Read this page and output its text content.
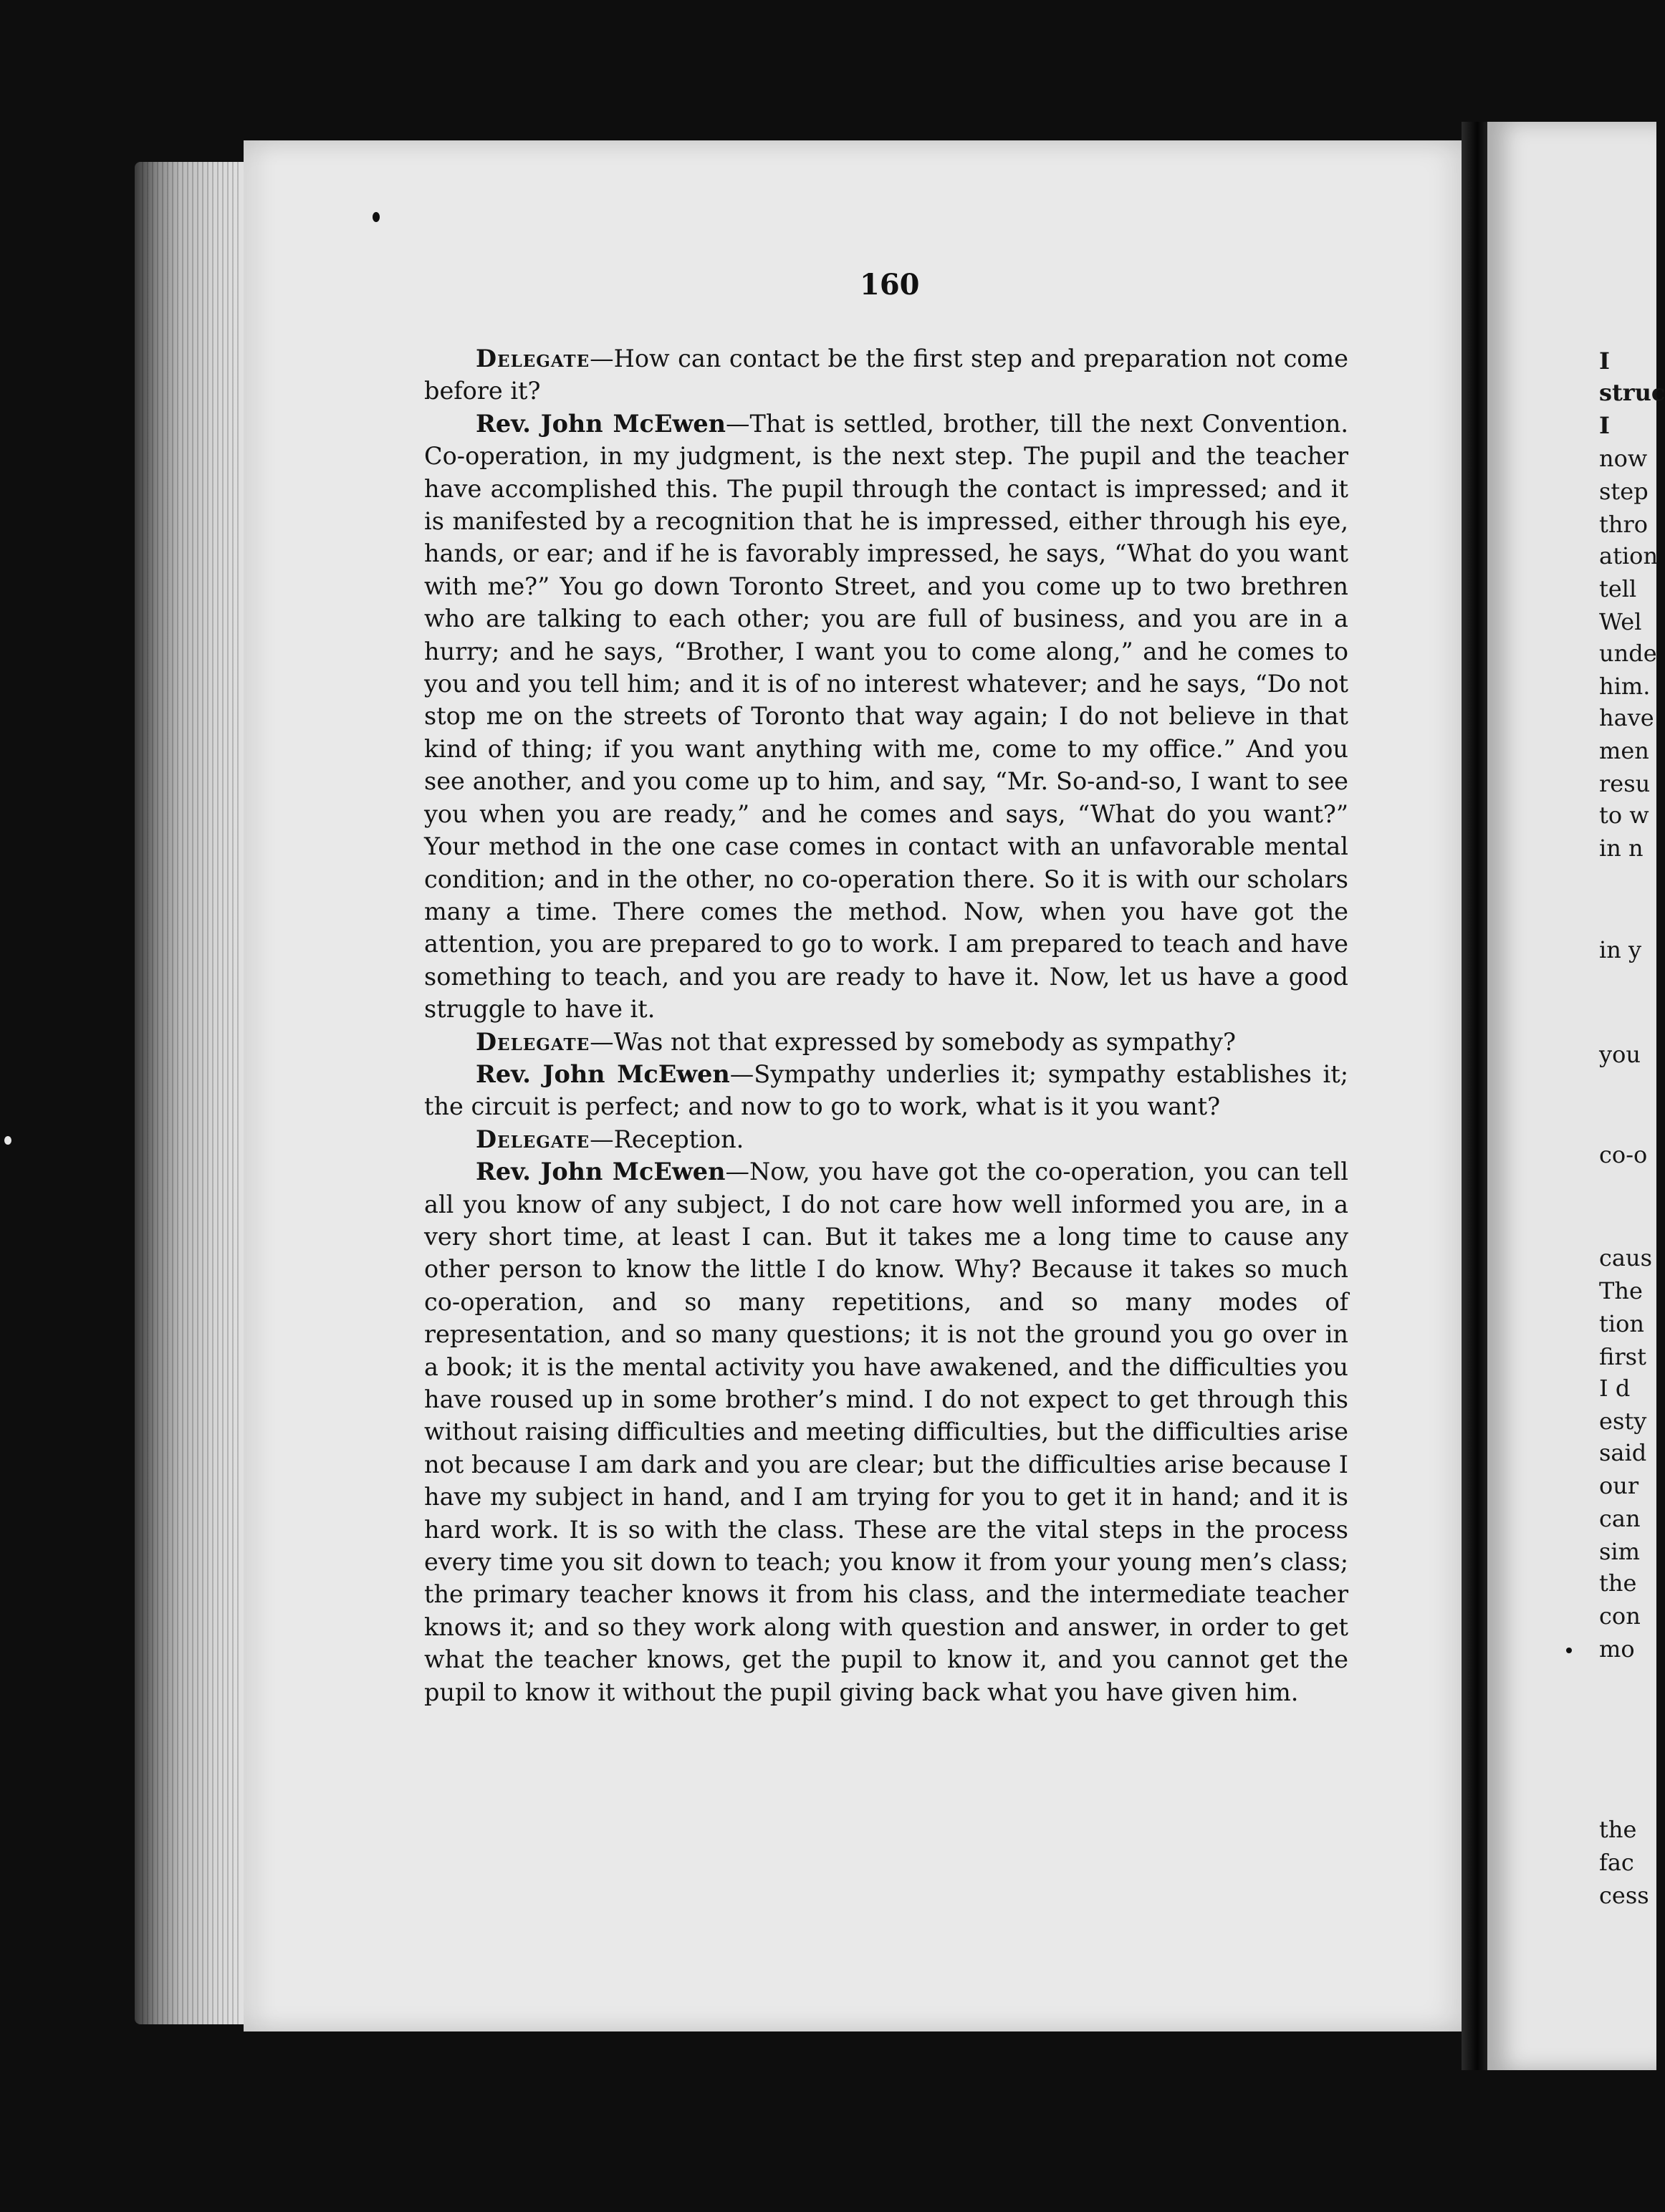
I
struc
I
now
step
thro
ation
tell
Wel
unde
him.
have
men
resu
to w
in n
in y
you
co-o
caus
The
tion
first
I d
esty
said
our
can
sim
the
con
mo
the
fac
cess
160

Delegate—How can contact be the first step and preparation not come before it?

Rev. John McEwen—That is settled, brother, till the next Convention. Co-operation, in my judgment, is the next step. The pupil and the teacher have accomplished this. The pupil through the contact is impressed; and it is manifested by a recognition that he is impressed, either through his eye, hands, or ear; and if he is favorably impressed, he says, “What do you want with me?” You go down Toronto Street, and you come up to two brethren who are talking to each other; you are full of business, and you are in a hurry; and he says, “Brother, I want you to come along,” and he comes to you and you tell him; and it is of no interest whatever; and he says, “Do not stop me on the streets of Toronto that way again; I do not believe in that kind of thing; if you want anything with me, come to my office.” And you see another, and you come up to him, and say, “Mr. So-and-so, I want to see you when you are ready,” and he comes and says, “What do you want?” Your method in the one case comes in contact with an unfavorable mental condition; and in the other, no co-operation there. So it is with our scholars many a time. There comes the method. Now, when you have got the attention, you are prepared to go to work. I am prepared to teach and have something to teach, and you are ready to have it. Now, let us have a good struggle to have it.

Delegate—Was not that expressed by somebody as sympathy?

Rev. John McEwen—Sympathy underlies it; sympathy establishes it; the circuit is perfect; and now to go to work, what is it you want?

Delegate—Reception.

Rev. John McEwen—Now, you have got the co-operation, you can tell all you know of any subject, I do not care how well informed you are, in a very short time, at least I can. But it takes me a long time to cause any other person to know the little I do know. Why? Because it takes so much co-operation, and so many repetitions, and so many modes of representation, and so many questions; it is not the ground you go over in a book; it is the mental activity you have awakened, and the difficulties you have roused up in some brother’s mind. I do not expect to get through this without raising difficulties and meeting difficulties, but the difficulties arise not because I am dark and you are clear; but the difficulties arise because I have my subject in hand, and I am trying for you to get it in hand; and it is hard work. It is so with the class. These are the vital steps in the process every time you sit down to teach; you know it from your young men’s class; the primary teacher knows it from his class, and the intermediate teacher knows it; and so they work along with question and answer, in order to get what the teacher knows, get the pupil to know it, and you cannot get the pupil to know it without the pupil giving back what you have given him.
